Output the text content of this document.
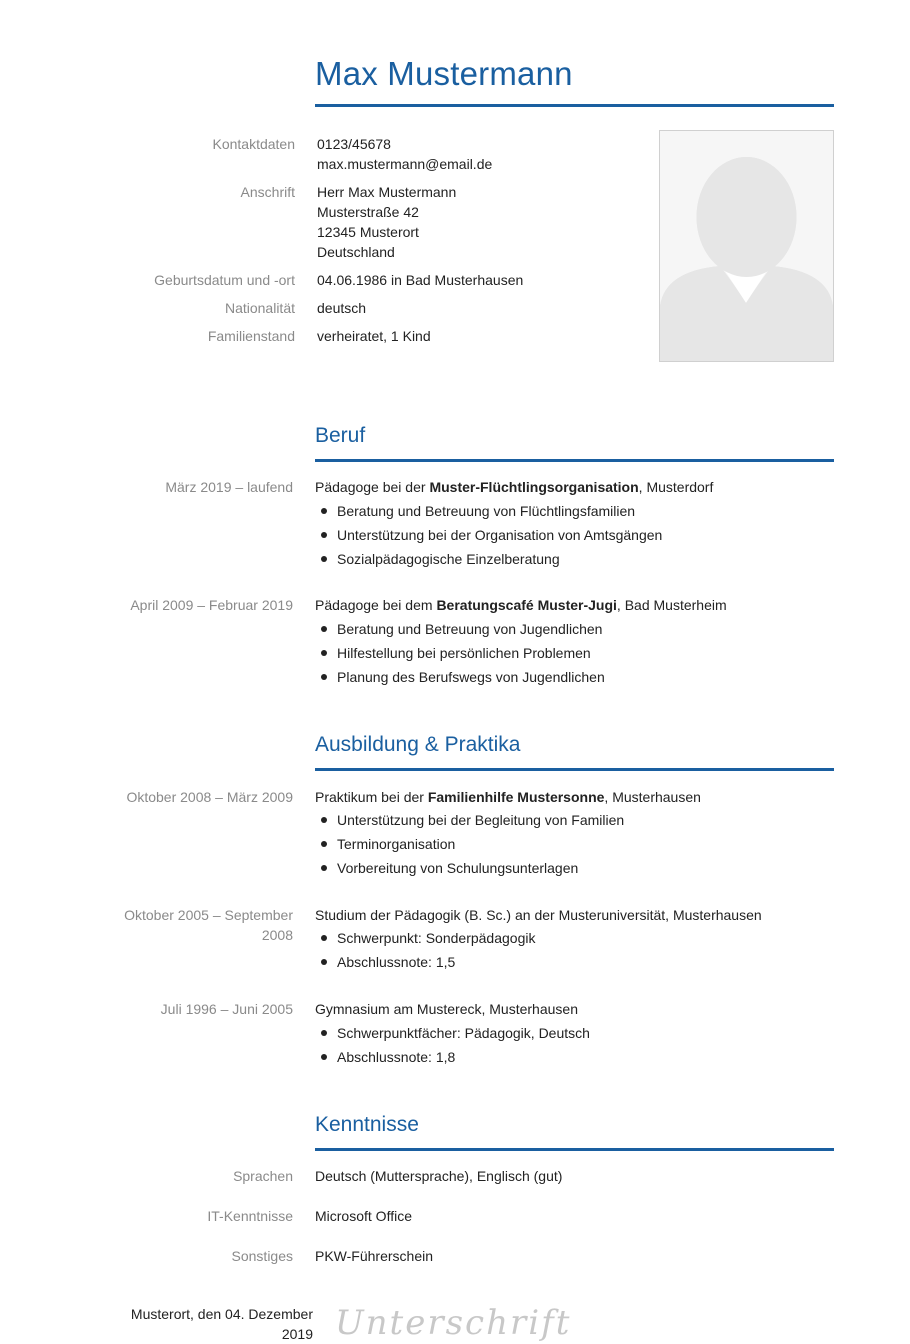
Max Mustermann
Kontaktdaten 0123/45678
max.mustermann@email.de
Anschrift Herr Max Mustermann
Musterstraße 42
12345 Musterort
Deutschland
Geburtsdatum und -ort 04.06.1986 in Bad Musterhausen
Nationalität deutsch
Familienstand verheiratet, 1 Kind
Beruf
März 2019 – laufend Pädagoge bei der Muster-Flüchtlingsorganisation, Musterdorf
Beratung und Betreuung von Flüchtlingsfamilien
Unterstützung bei der Organisation von Amtsgängen
Sozialpädagogische Einzelberatung
April 2009 – Februar 2019 Pädagoge bei dem Beratungscafé Muster-Jugi, Bad Musterheim
Beratung und Betreuung von Jugendlichen
Hilfestellung bei persönlichen Problemen
Planung des Berufswegs von Jugendlichen
Ausbildung & Praktika
Oktober 2008 – März 2009 Praktikum bei der Familienhilfe Mustersonne, Musterhausen
Unterstützung bei der Begleitung von Familien
Terminorganisation
Vorbereitung von Schulungsunterlagen
Oktober 2005 – September 2008
Studium der Pädagogik (B. Sc.) an der Musteruniversität, Musterhausen
Schwerpunkt: Sonderpädagogik
Abschlussnote: 1,5
Juli 1996 – Juni 2005 Gymnasium am Mustereck, Musterhausen
Schwerpunktfächer: Pädagogik, Deutsch
Abschlussnote: 1,8
Kenntnisse
Sprachen Deutsch (Muttersprache), Englisch (gut)
IT-Kenntnisse Microsoft Office
Sonstiges PKW-Führerschein
Musterort, den 04. Dezember 2019 Unterschrift
